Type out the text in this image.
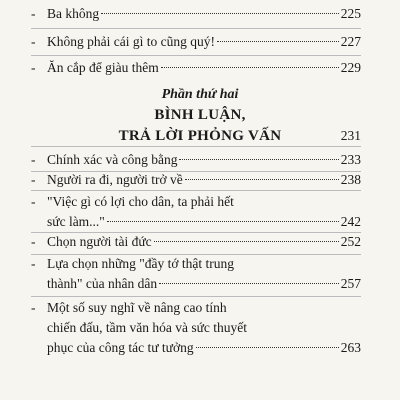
- Ba không	225
- Không phải cái gì to cũng quý!	227
- Ăn cắp để giàu thêm	229
Phần thứ hai
BÌNH LUẬN,
TRẢ LỜI PHỎNG VẤN	231
- Chính xác và công bằng	233
- Người ra đi, người trở về	238
- "Việc gì có lợi cho dân, ta phải hết
sức làm..."	242
- Chọn người tài đức	252
- Lựa chọn những "đầy tớ thật trung
thành" của nhân dân	257
- Một số suy nghĩ về nâng cao tính
chiến đấu, tầm văn hóa và sức thuyết
phục của công tác tư tưởng	263
